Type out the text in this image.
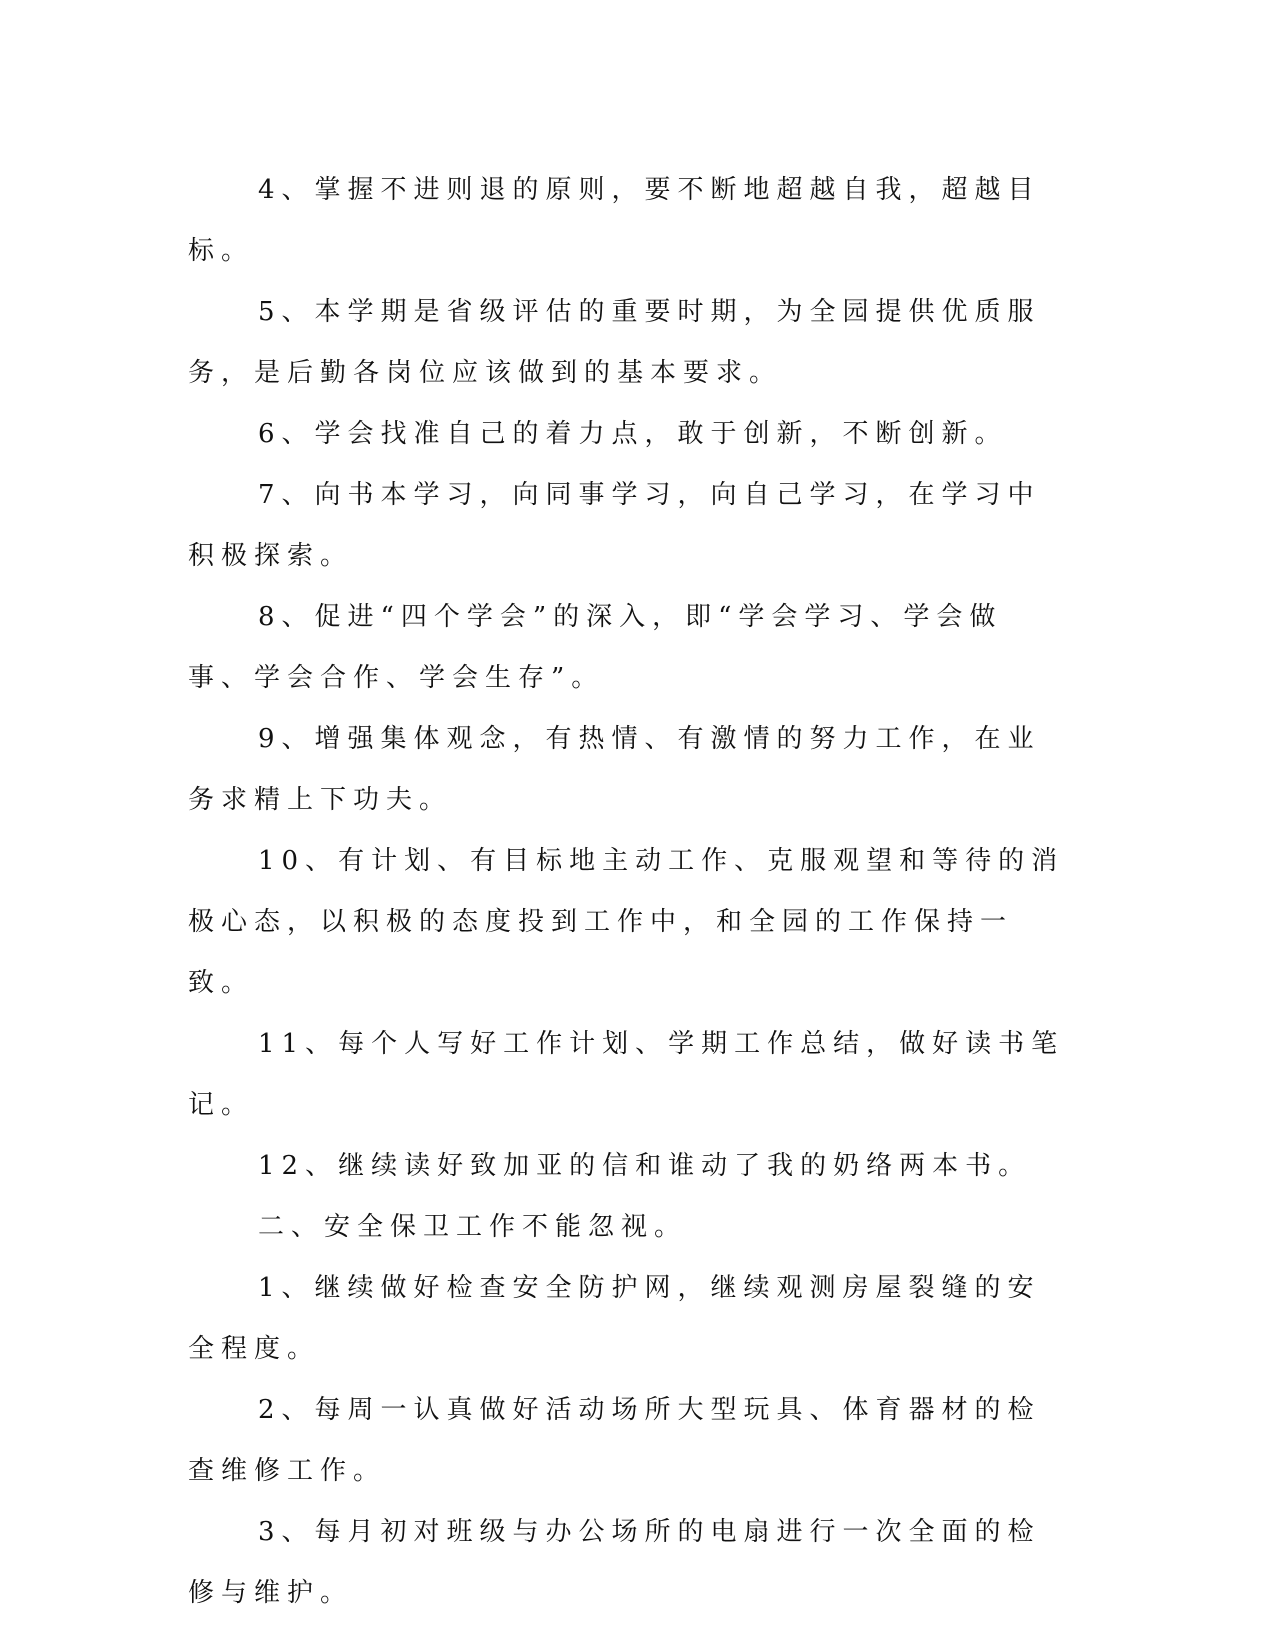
4、掌握不进则退的原则，要不断地超越自我，超越目标。

5、本学期是省级评估的重要时期，为全园提供优质服务，是后勤各岗位应该做到的基本要求。

6、学会找准自己的着力点，敢于创新，不断创新。

7、向书本学习，向同事学习，向自己学习，在学习中积极探索。

8、促进“四个学会”的深入，即“学会学习、学会做事、学会合作、学会生存”。

9、增强集体观念，有热情、有激情的努力工作，在业务求精上下功夫。

10、有计划、有目标地主动工作、克服观望和等待的消极心态，以积极的态度投到工作中，和全园的工作保持一致。

11、每个人写好工作计划、学期工作总结，做好读书笔记。

12、继续读好致加亚的信和谁动了我的奶络两本书。

二、安全保卫工作不能忽视。

1、继续做好检查安全防护网，继续观测房屋裂缝的安全程度。

2、每周一认真做好活动场所大型玩具、体育器材的检查维修工作。

3、每月初对班级与办公场所的电扇进行一次全面的检修与维护。
